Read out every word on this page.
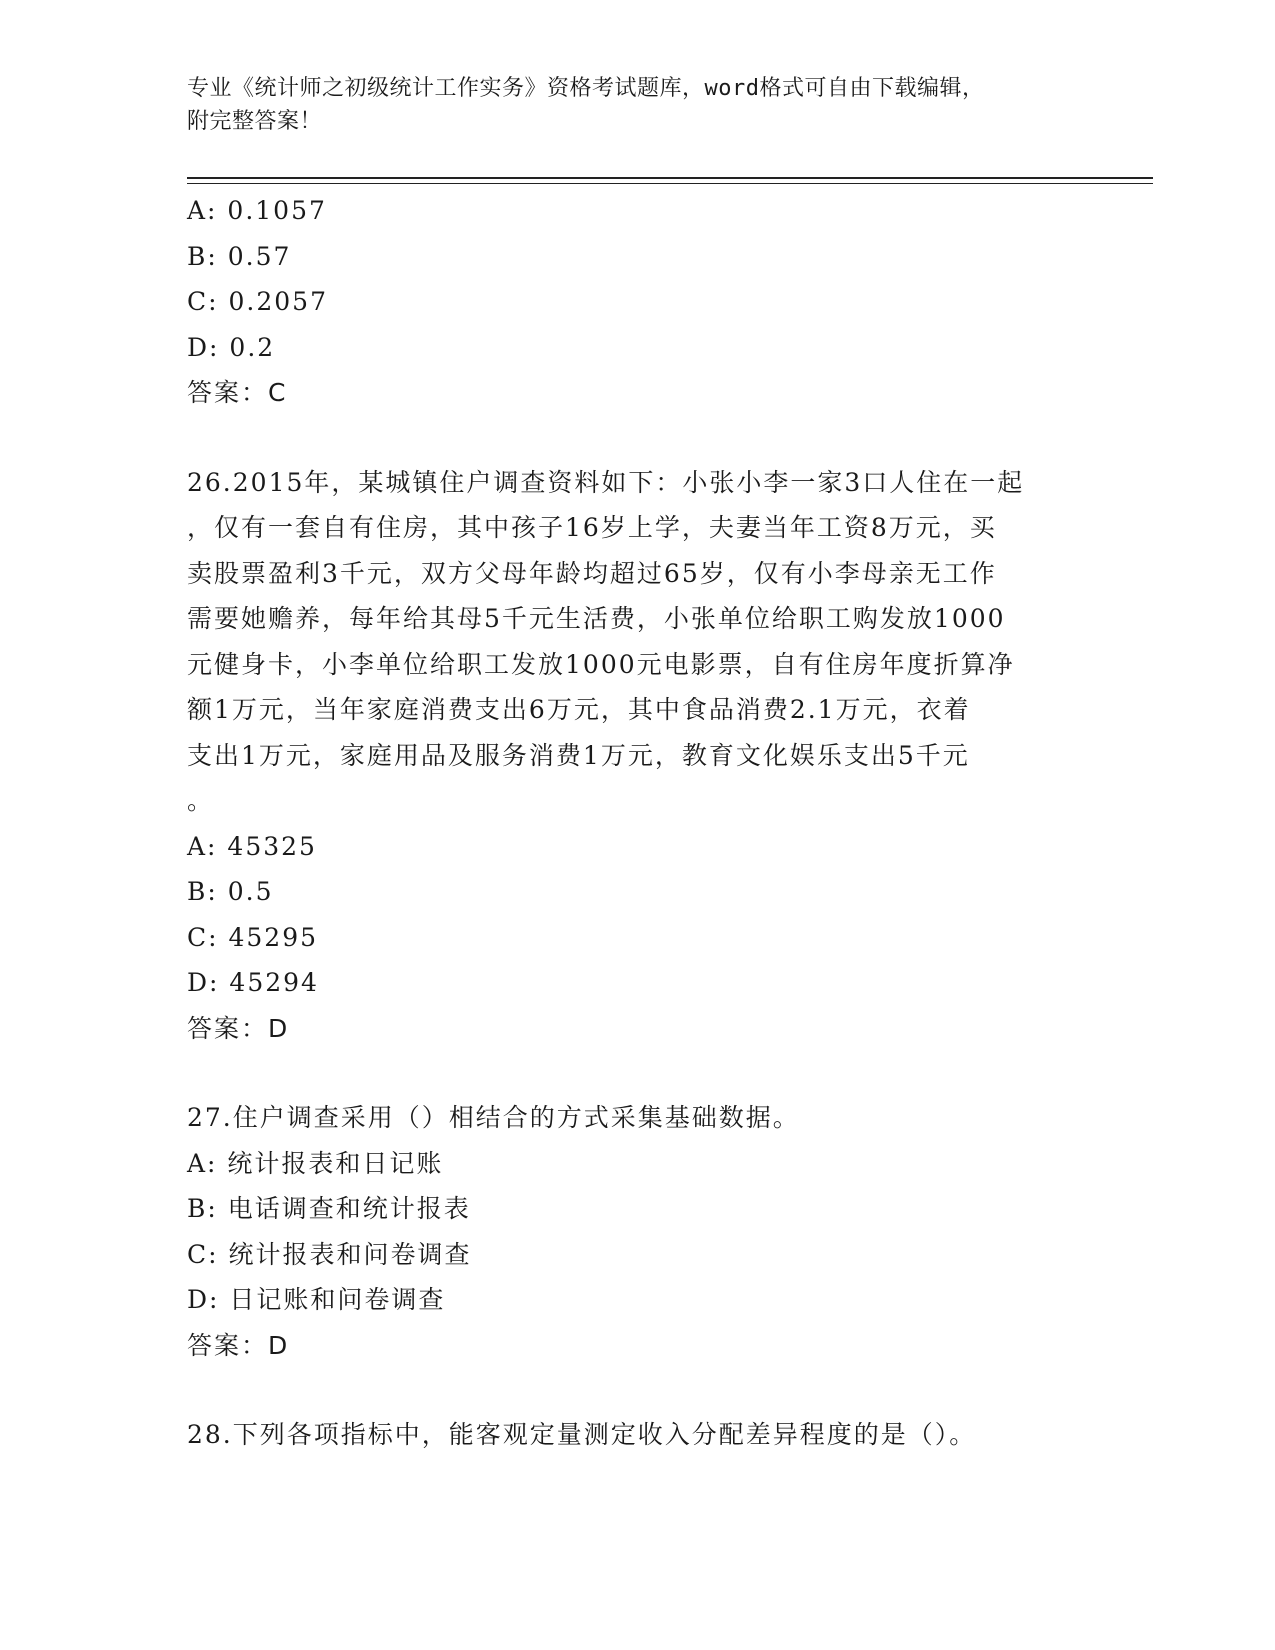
专业《统计师之初级统计工作实务》资格考试题库，word格式可自由下载编辑，
附完整答案！
A: 0.1057
B: 0.57
C: 0.2057
D: 0.2
答案：C
26.2015年，某城镇住户调查资料如下：小张小李一家3口人住在一起
，仅有一套自有住房，其中孩子16岁上学，夫妻当年工资8万元，买
卖股票盈利3千元，双方父母年龄均超过65岁，仅有小李母亲无工作
需要她赡养，每年给其母5千元生活费，小张单位给职工购发放1000
元健身卡，小李单位给职工发放1000元电影票，自有住房年度折算净
额1万元，当年家庭消费支出6万元，其中食品消费2.1万元，衣着
支出1万元，家庭用品及服务消费1万元，教育文化娱乐支出5千元
。
A: 45325
B: 0.5
C: 45295
D: 45294
答案：D
27.住户调查采用（）相结合的方式采集基础数据。
A: 统计报表和日记账
B: 电话调查和统计报表
C: 统计报表和问卷调查
D: 日记账和问卷调查
答案：D
28.下列各项指标中，能客观定量测定收入分配差异程度的是（）。
